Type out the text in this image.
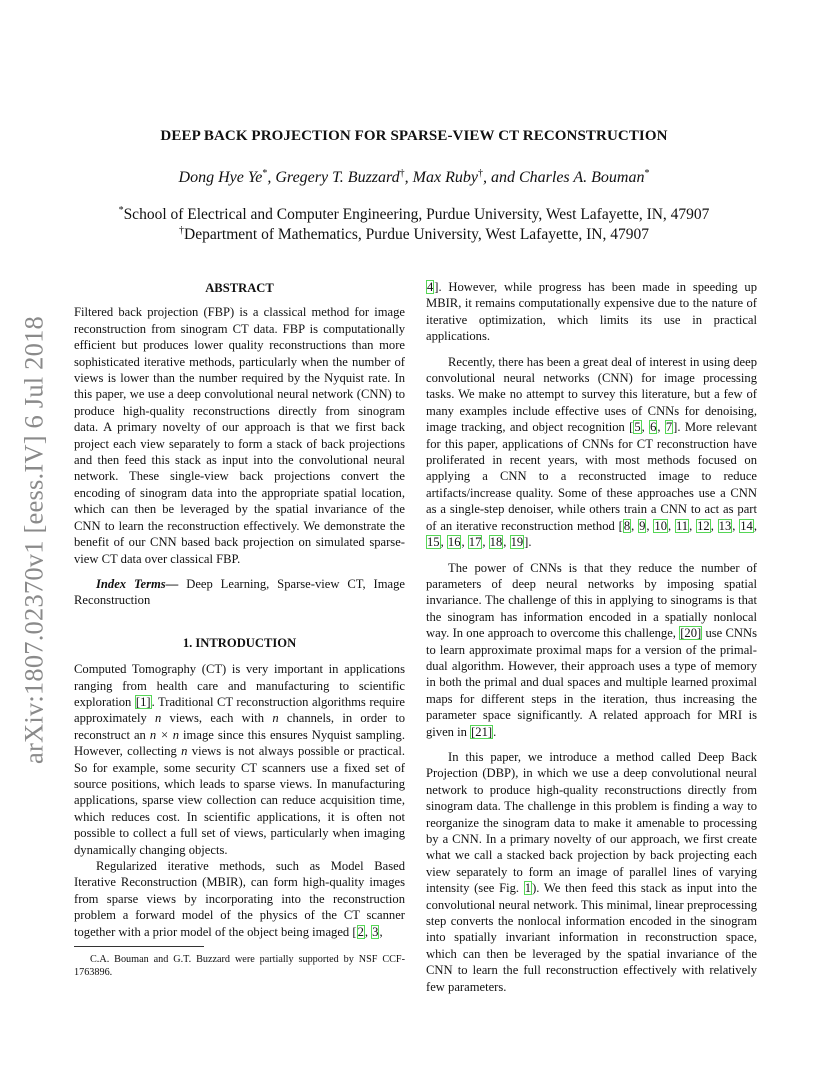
arXiv:1807.02370v1 [eess.IV] 6 Jul 2018
DEEP BACK PROJECTION FOR SPARSE-VIEW CT RECONSTRUCTION
Dong Hye Ye*, Gregery T. Buzzard†, Max Ruby†, and Charles A. Bouman*
*School of Electrical and Computer Engineering, Purdue University, West Lafayette, IN, 47907
†Department of Mathematics, Purdue University, West Lafayette, IN, 47907
ABSTRACT

Filtered back projection (FBP) is a classical method for image reconstruction from sinogram CT data. FBP is computationally efficient but produces lower quality reconstructions than more sophisticated iterative methods, particularly when the number of views is lower than the number required by the Nyquist rate. In this paper, we use a deep convolutional neural network (CNN) to produce high-quality reconstructions directly from sinogram data. A primary novelty of our approach is that we first back project each view separately to form a stack of back projections and then feed this stack as input into the convolutional neural network. These single-view back projections convert the encoding of sinogram data into the appropriate spatial location, which can then be leveraged by the spatial invariance of the CNN to learn the reconstruction effectively. We demonstrate the benefit of our CNN based back projection on simulated sparse-view CT data over classical FBP.

Index Terms— Deep Learning, Sparse-view CT, Image Reconstruction

1. INTRODUCTION

Computed Tomography (CT) is very important in applications ranging from health care and manufacturing to scientific exploration [1]. Traditional CT reconstruction algorithms require approximately n views, each with n channels, in order to reconstruct an n × n image since this ensures Nyquist sampling. However, collecting n views is not always possible or practical. So for example, some security CT scanners use a fixed set of source positions, which leads to sparse views. In manufacturing applications, sparse view collection can reduce acquisition time, which reduces cost. In scientific applications, it is often not possible to collect a full set of views, particularly when imaging dynamically changing objects.

Regularized iterative methods, such as Model Based Iterative Reconstruction (MBIR), can form high-quality images from sparse views by incorporating into the reconstruction problem a forward model of the physics of the CT scanner together with a prior model of the object being imaged [2, 3,

C.A. Bouman and G.T. Buzzard were partially supported by NSF CCF-1763896.

4]. However, while progress has been made in speeding up MBIR, it remains computationally expensive due to the nature of iterative optimization, which limits its use in practical applications.

Recently, there has been a great deal of interest in using deep convolutional neural networks (CNN) for image processing tasks. We make no attempt to survey this literature, but a few of many examples include effective uses of CNNs for denoising, image tracking, and object recognition [5, 6, 7]. More relevant for this paper, applications of CNNs for CT reconstruction have proliferated in recent years, with most methods focused on applying a CNN to a reconstructed image to reduce artifacts/increase quality. Some of these approaches use a CNN as a single-step denoiser, while others train a CNN to act as part of an iterative reconstruction method [8, 9, 10, 11, 12, 13, 14, 15, 16, 17, 18, 19].

The power of CNNs is that they reduce the number of parameters of deep neural networks by imposing spatial invariance. The challenge of this in applying to sinograms is that the sinogram has information encoded in a spatially nonlocal way. In one approach to overcome this challenge, [20] use CNNs to learn approximate proximal maps for a version of the primal-dual algorithm. However, their approach uses a type of memory in both the primal and dual spaces and multiple learned proximal maps for different steps in the iteration, thus increasing the parameter space significantly. A related approach for MRI is given in [21].

In this paper, we introduce a method called Deep Back Projection (DBP), in which we use a deep convolutional neural network to produce high-quality reconstructions directly from sinogram data. The challenge in this problem is finding a way to reorganize the sinogram data to make it amenable to processing by a CNN. In a primary novelty of our approach, we first create what we call a stacked back projection by back projecting each view separately to form an image of parallel lines of varying intensity (see Fig. 1). We then feed this stack as input into the convolutional neural network. This minimal, linear preprocessing step converts the nonlocal information encoded in the sinogram into spatially invariant information in reconstruction space, which can then be leveraged by the spatial invariance of the CNN to learn the full reconstruction effectively with relatively few parameters.
